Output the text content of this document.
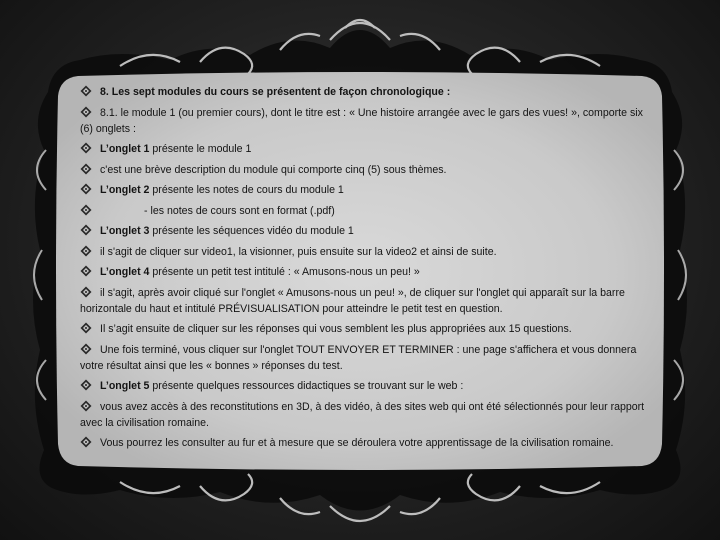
8. Les sept modules du cours se présentent de façon chronologique :

8.1. le module 1 (ou premier cours), dont le titre est : « Une histoire arrangée avec le gars des vues! », comporte six (6) onglets :

L’onglet 1 présente le module 1

c'est une brève description du module qui comporte cinq (5) sous thèmes.

L’onglet 2 présente les notes de cours du module 1

- les notes de cours sont en format (.pdf)

L’onglet 3 présente les séquences vidéo du module 1

il s'agit de cliquer sur video1, la visionner, puis ensuite sur la video2 et ainsi de suite.

L’onglet 4 présente un petit test intitulé : « Amusons-nous un peu! »

il s'agit, après avoir cliqué sur l'onglet « Amusons-nous un peu! », de cliquer sur l'onglet qui apparaît sur la barre horizontale du haut et intitulé PRÉVISUALISATION pour atteindre le petit test en question.

Il s’agit ensuite de cliquer sur les réponses qui vous semblent les plus appropriées aux 15 questions.

Une fois terminé, vous cliquer sur l'onglet TOUT ENVOYER ET TERMINER : une page s'affichera et vous donnera votre résultat ainsi que les « bonnes » réponses du test.

L’onglet 5 présente quelques ressources didactiques se trouvant sur le web :

vous avez accès à des reconstitutions en 3D, à des vidéo, à des sites web qui ont été sélectionnés pour leur rapport avec la civilisation romaine.

Vous pourrez les consulter au fur et à mesure que se déroulera votre apprentissage de la civilisation romaine.
